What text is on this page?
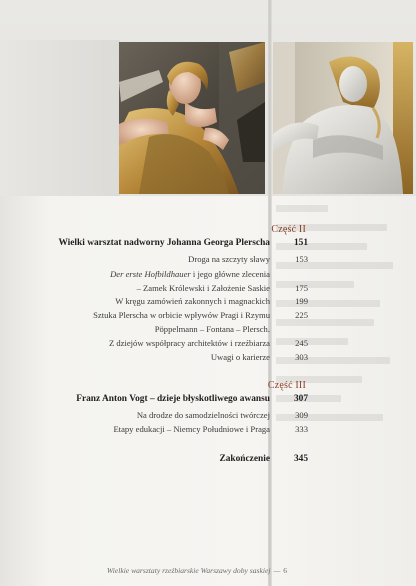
Część II
Wielki warsztat nadworny Johanna Georga Plerscha	151
Droga na szczyty sławy	153
Der erste Hofbildhauer i jego główne zlecenia
– Zamek Królewski i Założenie Saskie	175
W kręgu zamówień zakonnych i magnackich	199
Sztuka Plerscha w orbicie wpływów Pragi i Rzymu	225
Pöppelmann – Fontana – Plersch.
Z dziejów współpracy architektów i rzeźbiarza	245
Uwagi o karierze	303
Część III
Franz Anton Vogt – dzieje błyskotliwego awansu	307
Na drodze do samodzielności twórczej	309
Etapy edukacji – Niemcy Południowe i Praga	333
Zakończenie	345
Wielkie warsztaty rzeźbiarskie Warszawy doby saskiej — 6
